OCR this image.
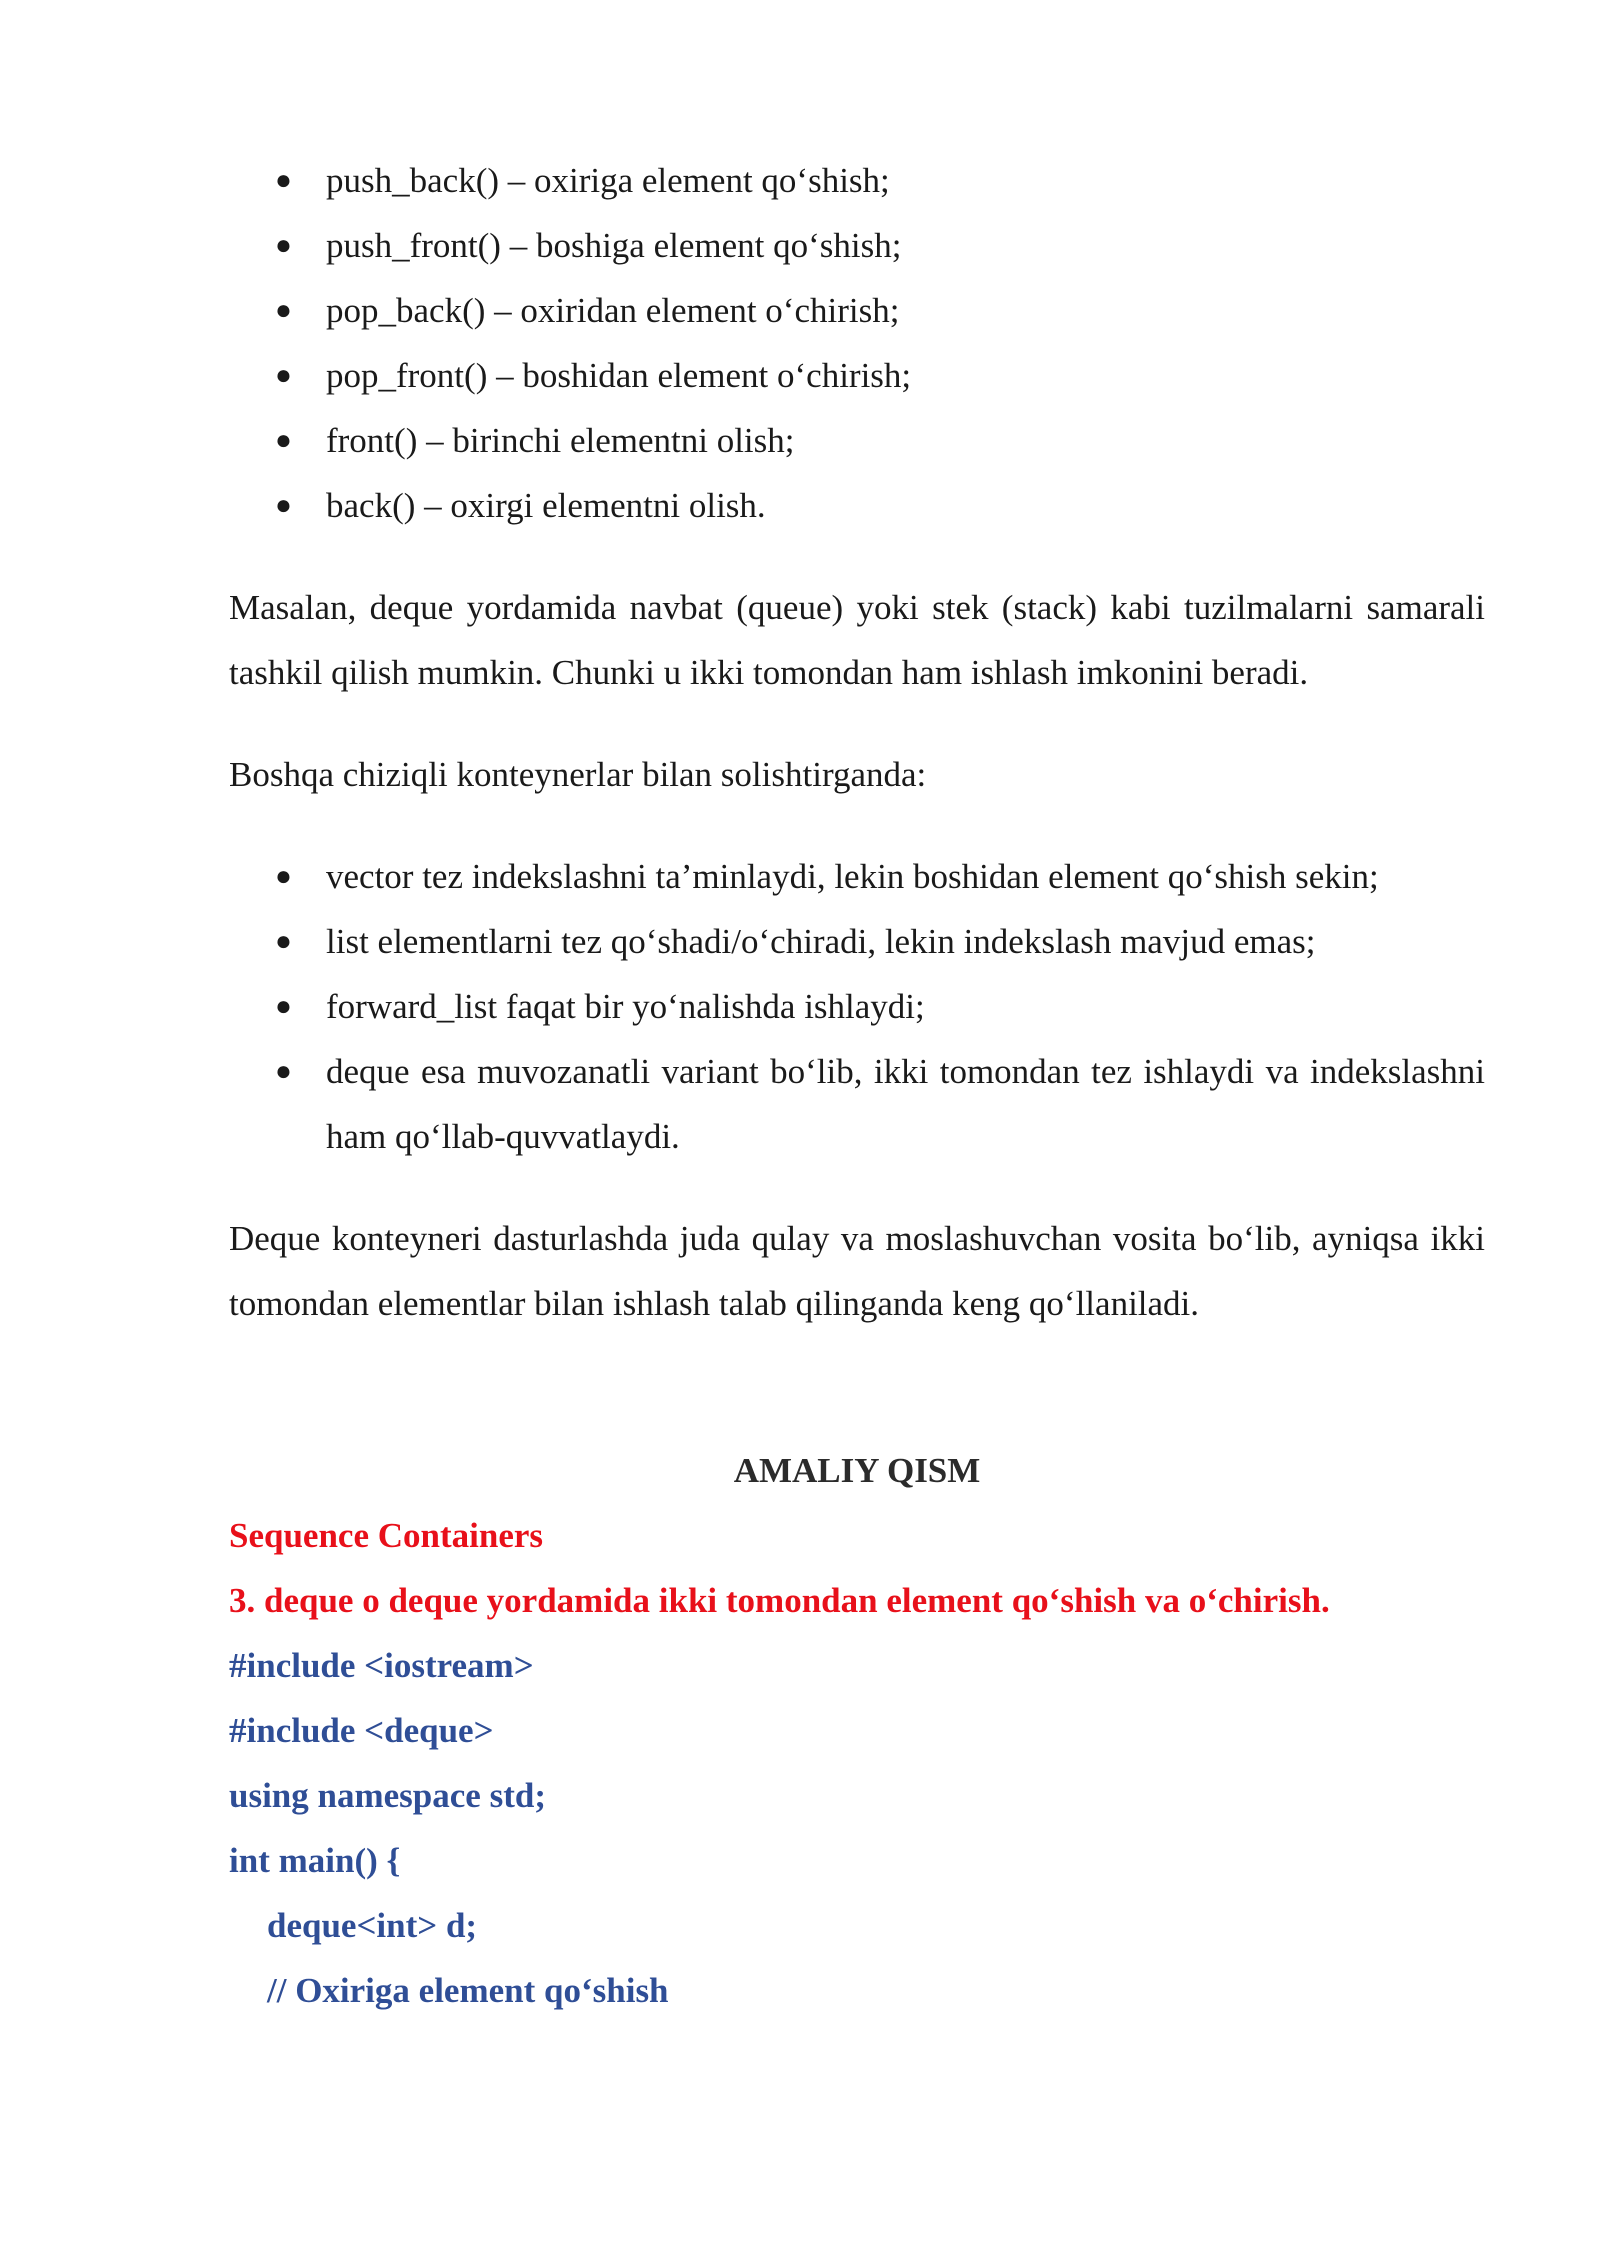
● push_back() – oxiriga element qo‘shish;
● push_front() – boshiga element qo‘shish;
● pop_back() – oxiridan element o‘chirish;
● pop_front() – boshidan element o‘chirish;
● front() – birinchi elementni olish;
● back() – oxirgi elementni olish.

Masalan, deque yordamida navbat (queue) yoki stek (stack) kabi tuzilmalarni samarali tashkil qilish mumkin. Chunki u ikki tomondan ham ishlash imkonini beradi.

Boshqa chiziqli konteynerlar bilan solishtirganda:

● vector tez indekslashni ta’minlaydi, lekin boshidan element qo‘shish sekin;
● list elementlarni tez qo‘shadi/o‘chiradi, lekin indekslash mavjud emas;
● forward_list faqat bir yo‘nalishda ishlaydi;
● deque esa muvozanatli variant bo‘lib, ikki tomondan tez ishlaydi va indekslashni ham qo‘llab-quvvatlaydi.

Deque konteyneri dasturlashda juda qulay va moslashuvchan vosita bo‘lib, ayniqsa ikki tomondan elementlar bilan ishlash talab qilinganda keng qo‘llaniladi.

AMALIY QISM

Sequence Containers

3. deque o deque yordamida ikki tomondan element qo‘shish va o‘chirish.

#include <iostream>

#include <deque>

using namespace std;

int main() {

deque<int> d;

// Oxiriga element qo‘shish
